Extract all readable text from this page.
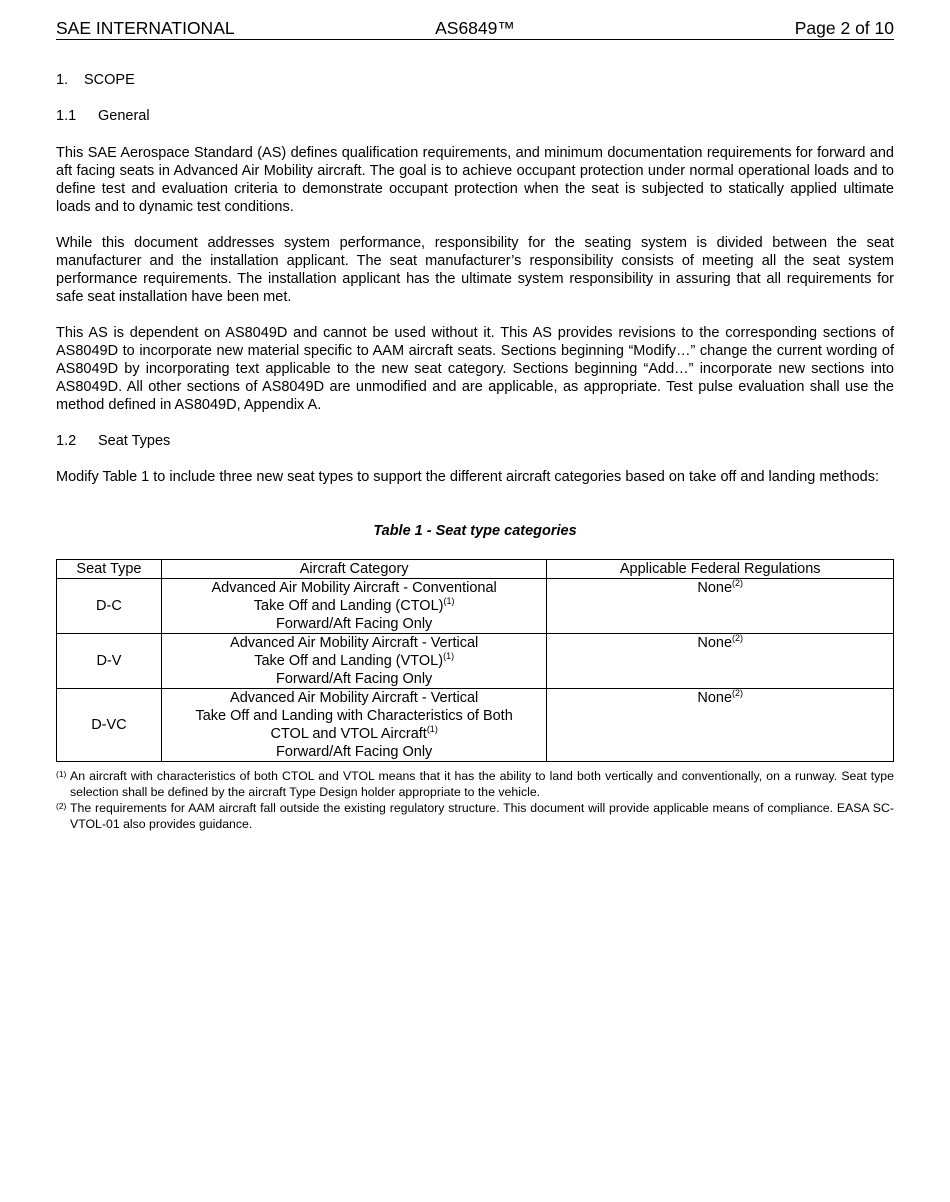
SAE INTERNATIONAL	AS6849™	Page 2 of 10
1. SCOPE
1.1 General
This SAE Aerospace Standard (AS) defines qualification requirements, and minimum documentation requirements for forward and aft facing seats in Advanced Air Mobility aircraft. The goal is to achieve occupant protection under normal operational loads and to define test and evaluation criteria to demonstrate occupant protection when the seat is subjected to statically applied ultimate loads and to dynamic test conditions.
While this document addresses system performance, responsibility for the seating system is divided between the seat manufacturer and the installation applicant. The seat manufacturer’s responsibility consists of meeting all the seat system performance requirements. The installation applicant has the ultimate system responsibility in assuring that all requirements for safe seat installation have been met.
This AS is dependent on AS8049D and cannot be used without it. This AS provides revisions to the corresponding sections of AS8049D to incorporate new material specific to AAM aircraft seats. Sections beginning “Modify…” change the current wording of AS8049D by incorporating text applicable to the new seat category. Sections beginning “Add…” incorporate new sections into AS8049D. All other sections of AS8049D are unmodified and are applicable, as appropriate. Test pulse evaluation shall use the method defined in AS8049D, Appendix A.
1.2 Seat Types
Modify Table 1 to include three new seat types to support the different aircraft categories based on take off and landing methods:
Table 1 - Seat type categories
Seat Type	Aircraft Category	Applicable Federal Regulations
D-C	Advanced Air Mobility Aircraft - Conventional
Take Off and Landing (CTOL)$^{(1)}$
Forward/Aft Facing Only	None$^{(2)}$
D-V	Advanced Air Mobility Aircraft - Vertical
Take Off and Landing (VTOL)$^{(1)}$
Forward/Aft Facing Only	None$^{(2)}$
D-VC	Advanced Air Mobility Aircraft - Vertical
Take Off and Landing with Characteristics of Both
CTOL and VTOL Aircraft$^{(1)}$
Forward/Aft Facing Only	None$^{(2)}$
(1) An aircraft with characteristics of both CTOL and VTOL means that it has the ability to land both vertically and conventionally, on a runway. Seat type selection shall be defined by the aircraft Type Design holder appropriate to the vehicle.
(2) The requirements for AAM aircraft fall outside the existing regulatory structure. This document will provide applicable means of compliance. EASA SC-VTOL-01 also provides guidance.
